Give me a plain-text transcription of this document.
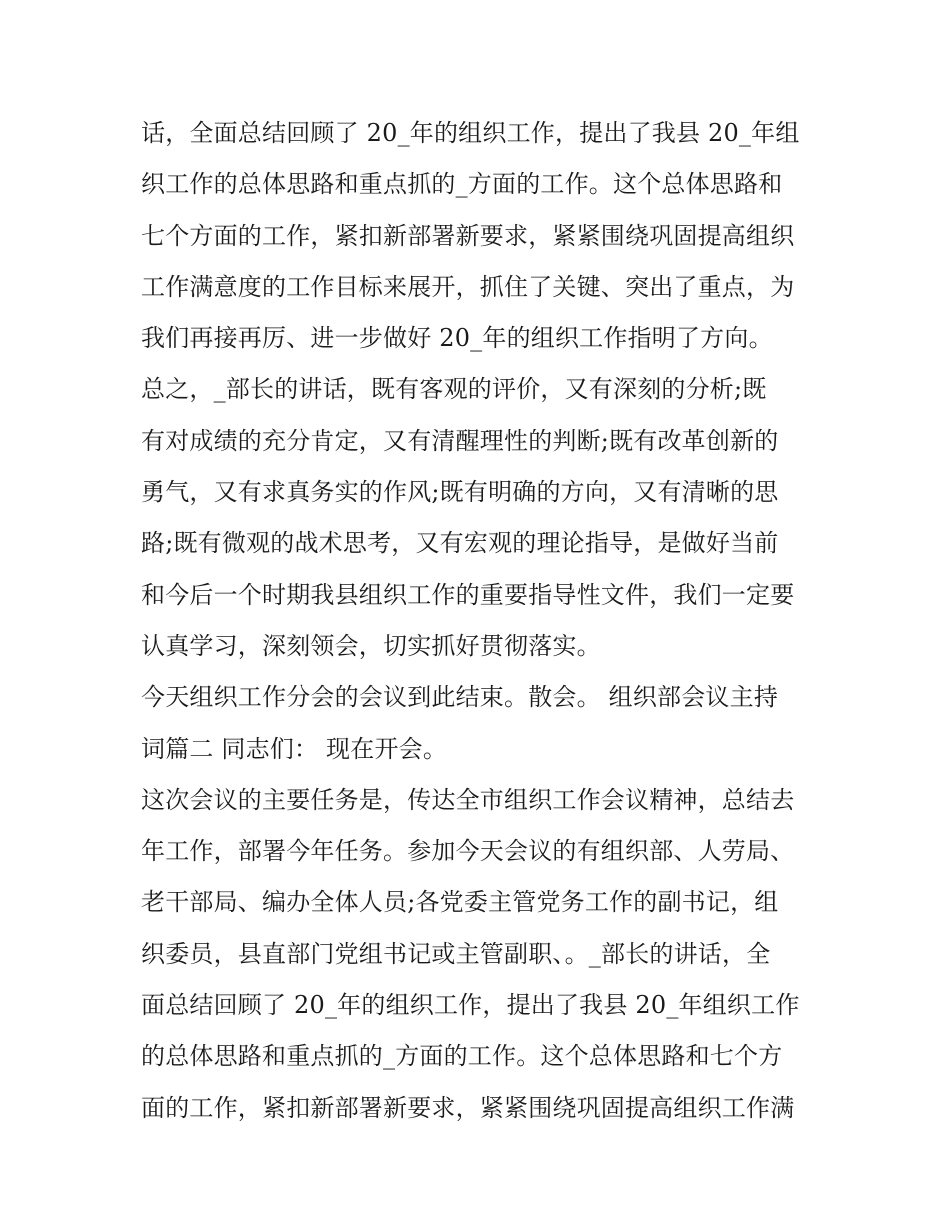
话，全面总结回顾了 20_年的组织工作，提出了我县 20_年组
织工作的总体思路和重点抓的_方面的工作。这个总体思路和
七个方面的工作，紧扣新部署新要求，紧紧围绕巩固提高组织
工作满意度的工作目标来展开，抓住了关键、突出了重点，为
我们再接再厉、进一步做好 20_年的组织工作指明了方向。
总之，_部长的讲话，既有客观的评价，又有深刻的分析;既
有对成绩的充分肯定，又有清醒理性的判断;既有改革创新的
勇气，又有求真务实的作风;既有明确的方向，又有清晰的思
路;既有微观的战术思考，又有宏观的理论指导，是做好当前
和今后一个时期我县组织工作的重要指导性文件，我们一定要
认真学习，深刻领会，切实抓好贯彻落实。
今天组织工作分会的会议到此结束。散会。 组织部会议主持
词篇二 同志们： 现在开会。
这次会议的主要任务是，传达全市组织工作会议精神，总结去
年工作，部署今年任务。参加今天会议的有组织部、人劳局、
老干部局、编办全体人员;各党委主管党务工作的副书记，组
织委员，县直部门党组书记或主管副职、。_部长的讲话，全
面总结回顾了 20_年的组织工作，提出了我县 20_年组织工作
的总体思路和重点抓的_方面的工作。这个总体思路和七个方
面的工作，紧扣新部署新要求，紧紧围绕巩固提高组织工作满
